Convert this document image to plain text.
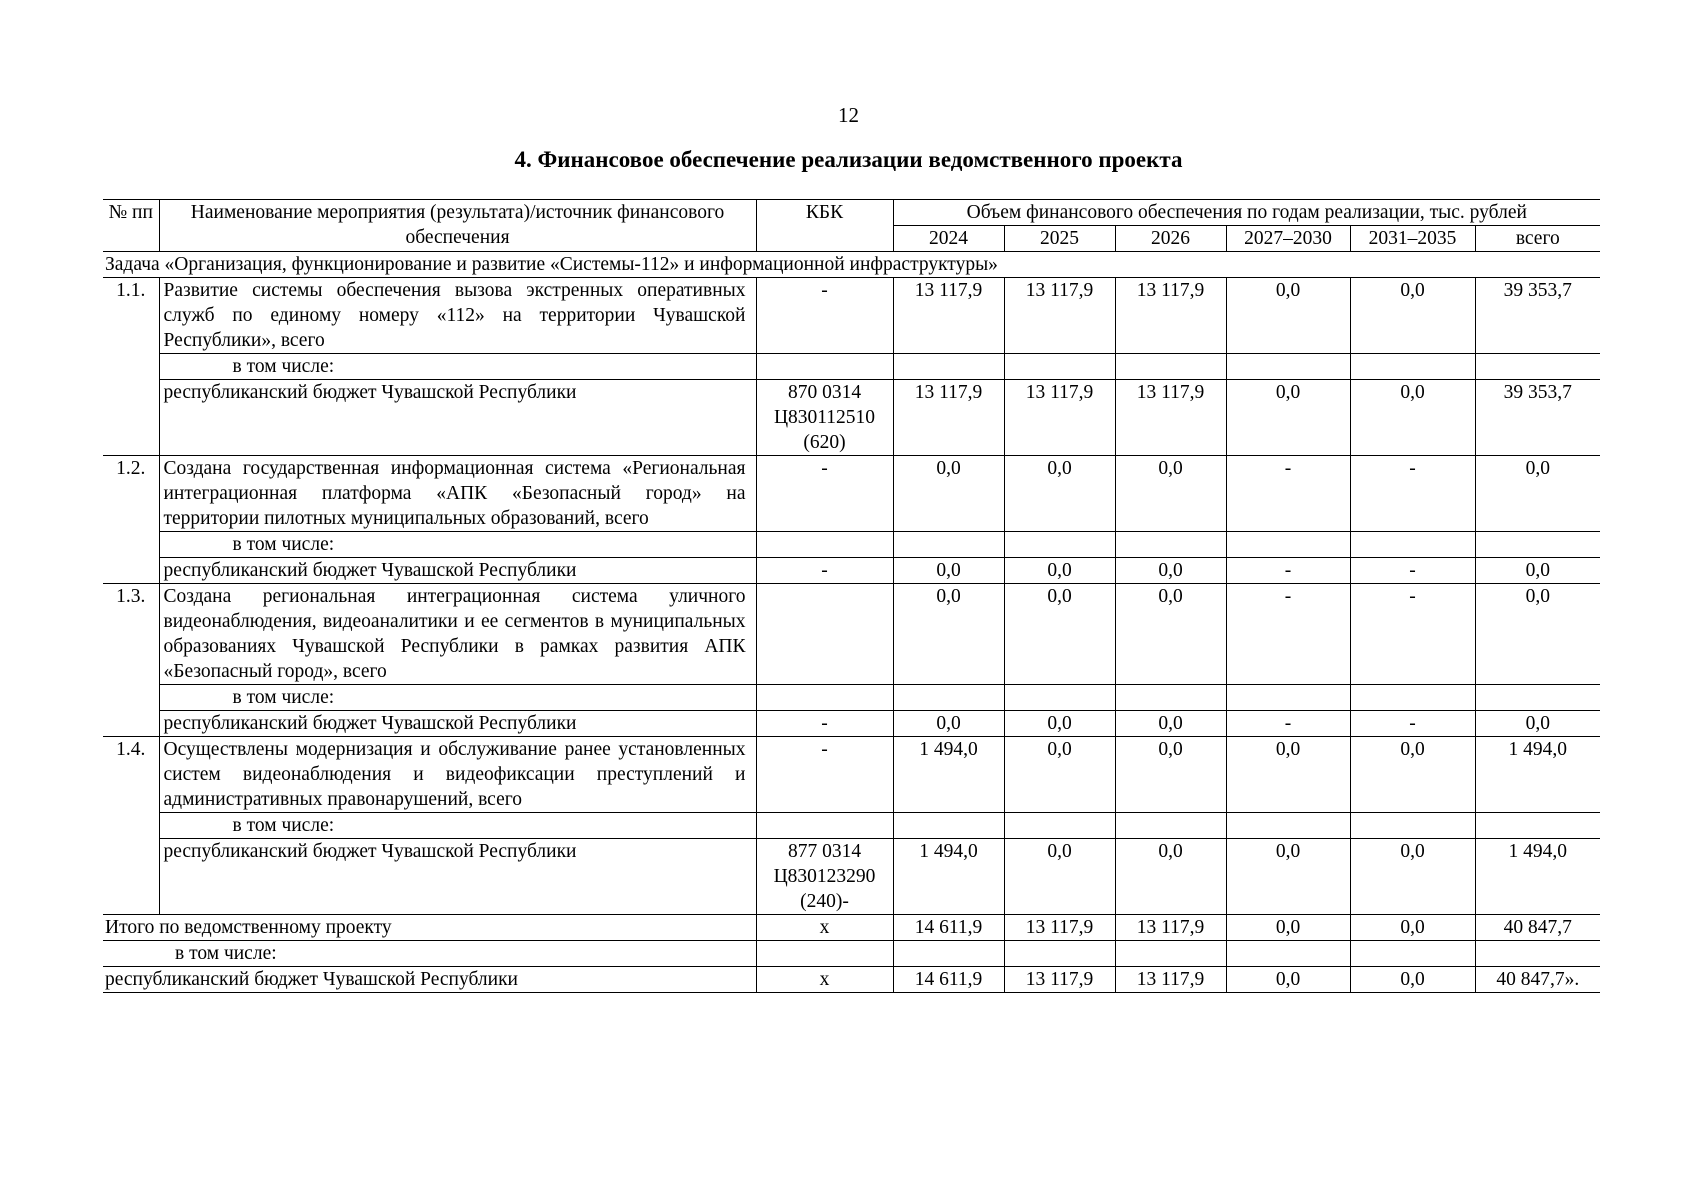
12
4. Финансовое обеспечение реализации ведомственного проекта
№ пп	Наименование мероприятия (результата)/источник финансового обеспечения	КБК	Объем финансового обеспечения по годам реализации, тыс. рублей					
			2024	2025	2026	2027–2030	2031–2035	всего
Задача «Организация, функционирование и развитие «Системы-112» и информационной инфраструктуры»								
1.1.	Развитие системы обеспечения вызова экстренных оперативных служб по единому номеру «112» на территории Чувашской Республики», всего	-	13 117,9	13 117,9	13 117,9	0,0	0,0	39 353,7
	в том числе:							
	республиканский бюджет Чувашской Республики	870 0314 Ц830112510 (620)	13 117,9	13 117,9	13 117,9	0,0	0,0	39 353,7
1.2.	Создана государственная информационная система «Региональная интеграционная платформа «АПК «Безопасный город» на территории пилотных муниципальных образований, всего	-	0,0	0,0	0,0	-	-	0,0
	в том числе:							
	республиканский бюджет Чувашской Республики	-	0,0	0,0	0,0	-	-	0,0
1.3.	Создана региональная интеграционная система уличного видеонаблюдения, видеоаналитики и ее сегментов в муниципальных образованиях Чувашской Республики в рамках развития АПК «Безопасный город», всего		0,0	0,0	0,0	-	-	0,0
	в том числе:							
	республиканский бюджет Чувашской Республики	-	0,0	0,0	0,0	-	-	0,0
1.4.	Осуществлены модернизация и обслуживание ранее установленных систем видеонаблюдения и видеофиксации преступлений и административных правонарушений, всего	-	1 494,0	0,0	0,0	0,0	0,0	1 494,0
	в том числе:							
	республиканский бюджет Чувашской Республики	877 0314 Ц830123290 (240)-	1 494,0	0,0	0,0	0,0	0,0	1 494,0
Итого по ведомственному проекту		х	14 611,9	13 117,9	13 117,9	0,0	0,0	40 847,7
в том числе:								
республиканский бюджет Чувашской Республики		х	14 611,9	13 117,9	13 117,9	0,0	0,0	40 847,7».
